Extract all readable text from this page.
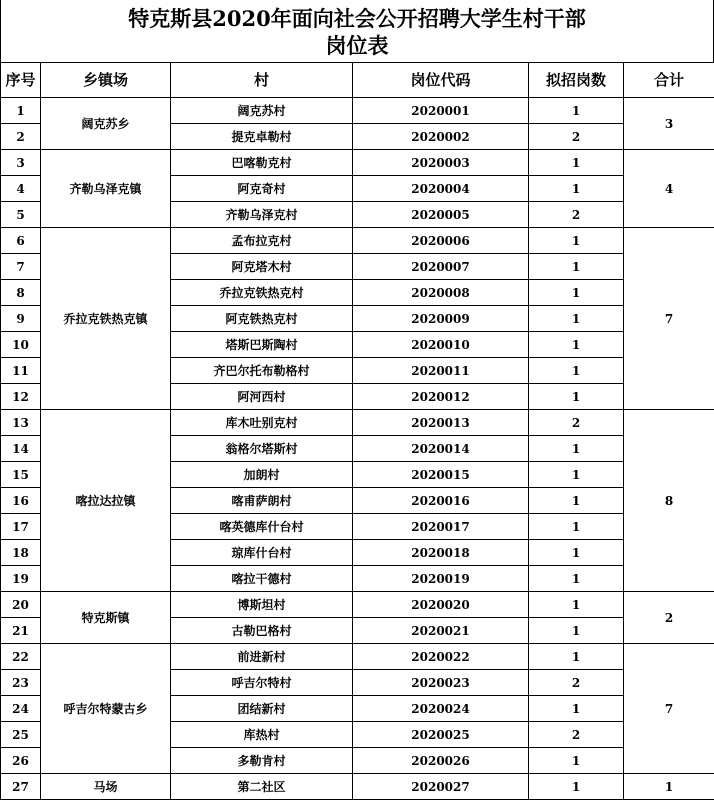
特克斯县2020年面向社会公开招聘大学生村干部
岗位表
序号	乡镇场	村	岗位代码	拟招岗数	合计
1	阔克苏乡	阔克苏村	2020001	1	3
2		提克卓勒村	2020002	2	
3	齐勒乌泽克镇	巴喀勒克村	2020003	1	4
4		阿克奇村	2020004	1	
5		齐勒乌泽克村	2020005	2	
6	乔拉克铁热克镇	孟布拉克村	2020006	1	7
7		阿克塔木村	2020007	1	
8		乔拉克铁热克村	2020008	1	
9		阿克铁热克村	2020009	1	
10		塔斯巴斯陶村	2020010	1	
11		齐巴尔托布勒格村	2020011	1	
12		阿河西村	2020012	1	
13	喀拉达拉镇	库木吐别克村	2020013	2	8
14		翁格尔塔斯村	2020014	1	
15		加朗村	2020015	1	
16		喀甫萨朗村	2020016	1	
17		喀英德库什台村	2020017	1	
18		琼库什台村	2020018	1	
19		喀拉干德村	2020019	1	
20	特克斯镇	博斯坦村	2020020	1	2
21		古勒巴格村	2020021	1	
22	呼吉尔特蒙古乡	前进新村	2020022	1	7
23		呼吉尔特村	2020023	2	
24		团结新村	2020024	1	
25		库热村	2020025	2	
26		多勒肯村	2020026	1	
27	马场	第二社区	2020027	1	1
